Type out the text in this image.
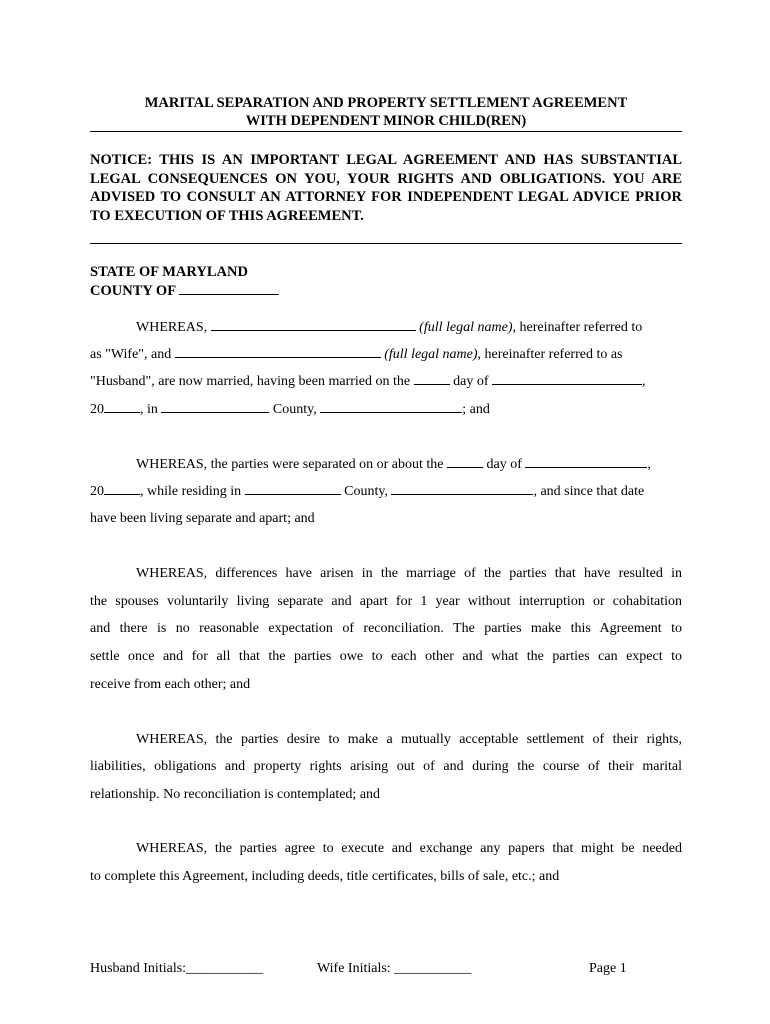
MARITAL SEPARATION AND PROPERTY SETTLEMENT AGREEMENT
WITH DEPENDENT MINOR CHILD(REN)

NOTICE: THIS IS AN IMPORTANT LEGAL AGREEMENT AND HAS SUBSTANTIAL LEGAL CONSEQUENCES ON YOU, YOUR RIGHTS AND OBLIGATIONS. YOU ARE ADVISED TO CONSULT AN ATTORNEY FOR INDEPENDENT LEGAL ADVICE PRIOR TO EXECUTION OF THIS AGREEMENT.

STATE OF MARYLAND
COUNTY OF
WHEREAS,	(full legal name), hereinafter referred to
as "Wife", and	(full legal name), hereinafter referred to as
"Husband", are now married, having been married on the	day of	,
20	, in	County,	; and
WHEREAS, the parties were separated on or about the	day of	,
20	, while residing in	County,	, and since that date
have been living separate and apart; and
WHEREAS, differences have arisen in the marriage of the parties that have resulted in
the spouses voluntarily living separate and apart for 1 year without interruption or cohabitation
and there is no reasonable expectation of reconciliation. The parties make this Agreement to
settle once and for all that the parties owe to each other and what the parties can expect to
receive from each other; and
WHEREAS, the parties desire to make a mutually acceptable settlement of their rights,
liabilities, obligations and property rights arising out of and during the course of their marital
relationship. No reconciliation is contemplated; and
WHEREAS, the parties agree to execute and exchange any papers that might be needed
to complete this Agreement, including deeds, title certificates, bills of sale, etc.; and
Husband Initials:___________	Wife Initials: ___________	Page 1
